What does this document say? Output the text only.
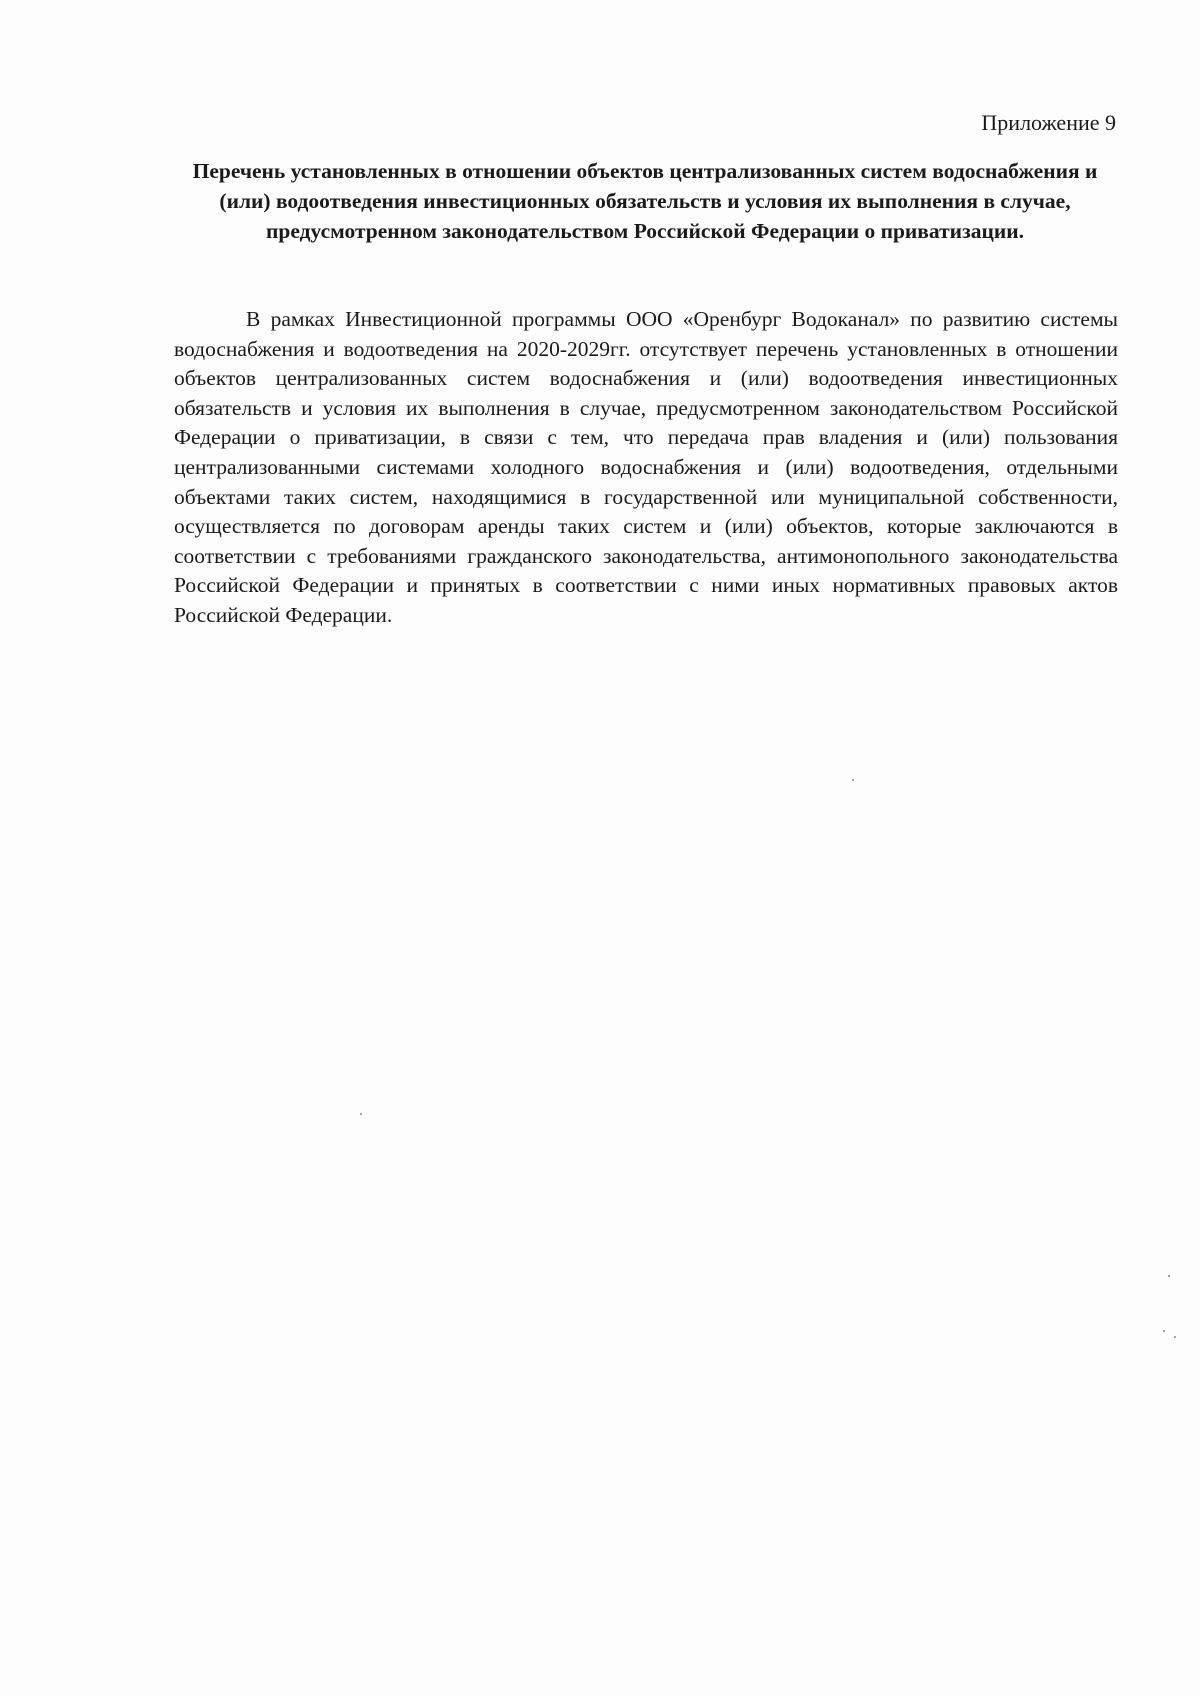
Приложение 9
Перечень установленных в отношении объектов централизованных систем водоснабжения и (или) водоотведения инвестиционных обязательств и условия их выполнения в случае, предусмотренном законодательством Российской Федерации о приватизации.

В рамках Инвестиционной программы ООО «Оренбург Водоканал» по развитию системы водоснабжения и водоотведения на 2020-2029гг. отсутствует перечень установленных в отношении объектов централизованных систем водоснабжения и (или) водоотведения инвестиционных обязательств и условия их выполнения в случае, предусмотренном законодательством Российской Федерации о приватизации, в связи с тем, что передача прав владения и (или) пользования централизованными системами холодного водоснабжения и (или) водоотведения, отдельными объектами таких систем, находящимися в государственной или муниципальной собственности, осуществляется по договорам аренды таких систем и (или) объектов, которые заключаются в соответствии с требованиями гражданского законодательства, антимонопольного законодательства Российской Федерации и принятых в соответствии с ними иных нормативных правовых актов Российской Федерации.
